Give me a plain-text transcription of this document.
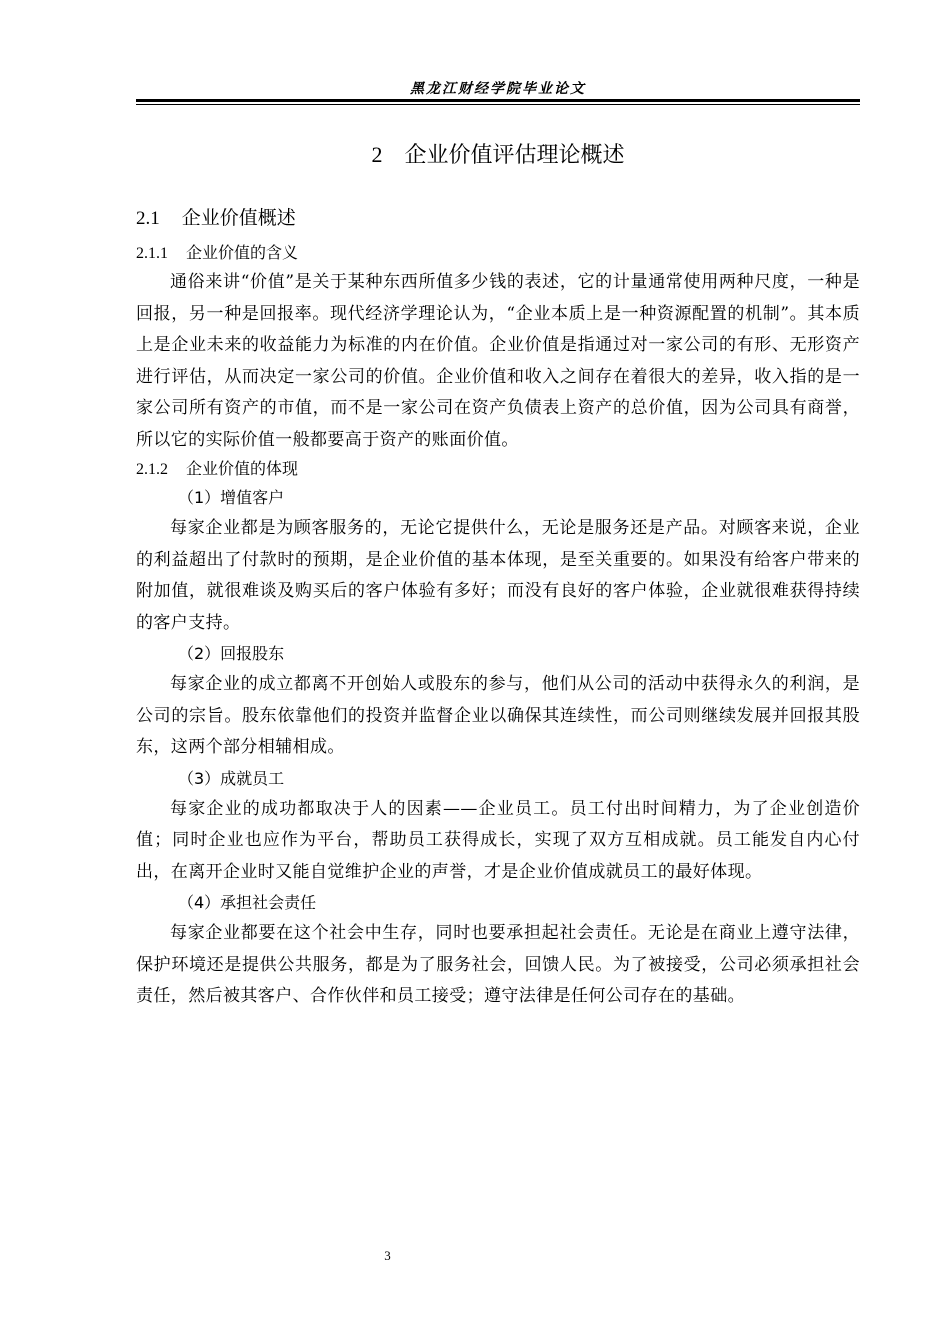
黑龙江财经学院毕业论文
2 企业价值评估理论概述
2.1 企业价值概述
2.1.1 企业价值的含义

通俗来讲“价值”是关于某种东西所值多少钱的表述，它的计量通常使用两种尺度，一种是回报，另一种是回报率。现代经济学理论认为，“企业本质上是一种资源配置的机制”。其本质上是企业未来的收益能力为标准的内在价值。企业价值是指通过对一家公司的有形、无形资产进行评估，从而决定一家公司的价值。企业价值和收入之间存在着很大的差异，收入指的是一家公司所有资产的市值，而不是一家公司在资产负债表上资产的总价值，因为公司具有商誉，所以它的实际价值一般都要高于资产的账面价值。

2.1.2 企业价值的体现

（1）增值客户

每家企业都是为顾客服务的，无论它提供什么，无论是服务还是产品。对顾客来说，企业的利益超出了付款时的预期，是企业价值的基本体现，是至关重要的。如果没有给客户带来的附加值，就很难谈及购买后的客户体验有多好；而没有良好的客户体验，企业就很难获得持续的客户支持。

（2）回报股东

每家企业的成立都离不开创始人或股东的参与，他们从公司的活动中获得永久的利润，是公司的宗旨。股东依靠他们的投资并监督企业以确保其连续性，而公司则继续发展并回报其股东，这两个部分相辅相成。

（3）成就员工

每家企业的成功都取决于人的因素——企业员工。员工付出时间精力，为了企业创造价值；同时企业也应作为平台，帮助员工获得成长，实现了双方互相成就。员工能发自内心付出，在离开企业时又能自觉维护企业的声誉，才是企业价值成就员工的最好体现。

（4）承担社会责任

每家企业都要在这个社会中生存，同时也要承担起社会责任。无论是在商业上遵守法律，保护环境还是提供公共服务，都是为了服务社会，回馈人民。为了被接受，公司必须承担社会责任，然后被其客户、合作伙伴和员工接受；遵守法律是任何公司存在的基础。

3
